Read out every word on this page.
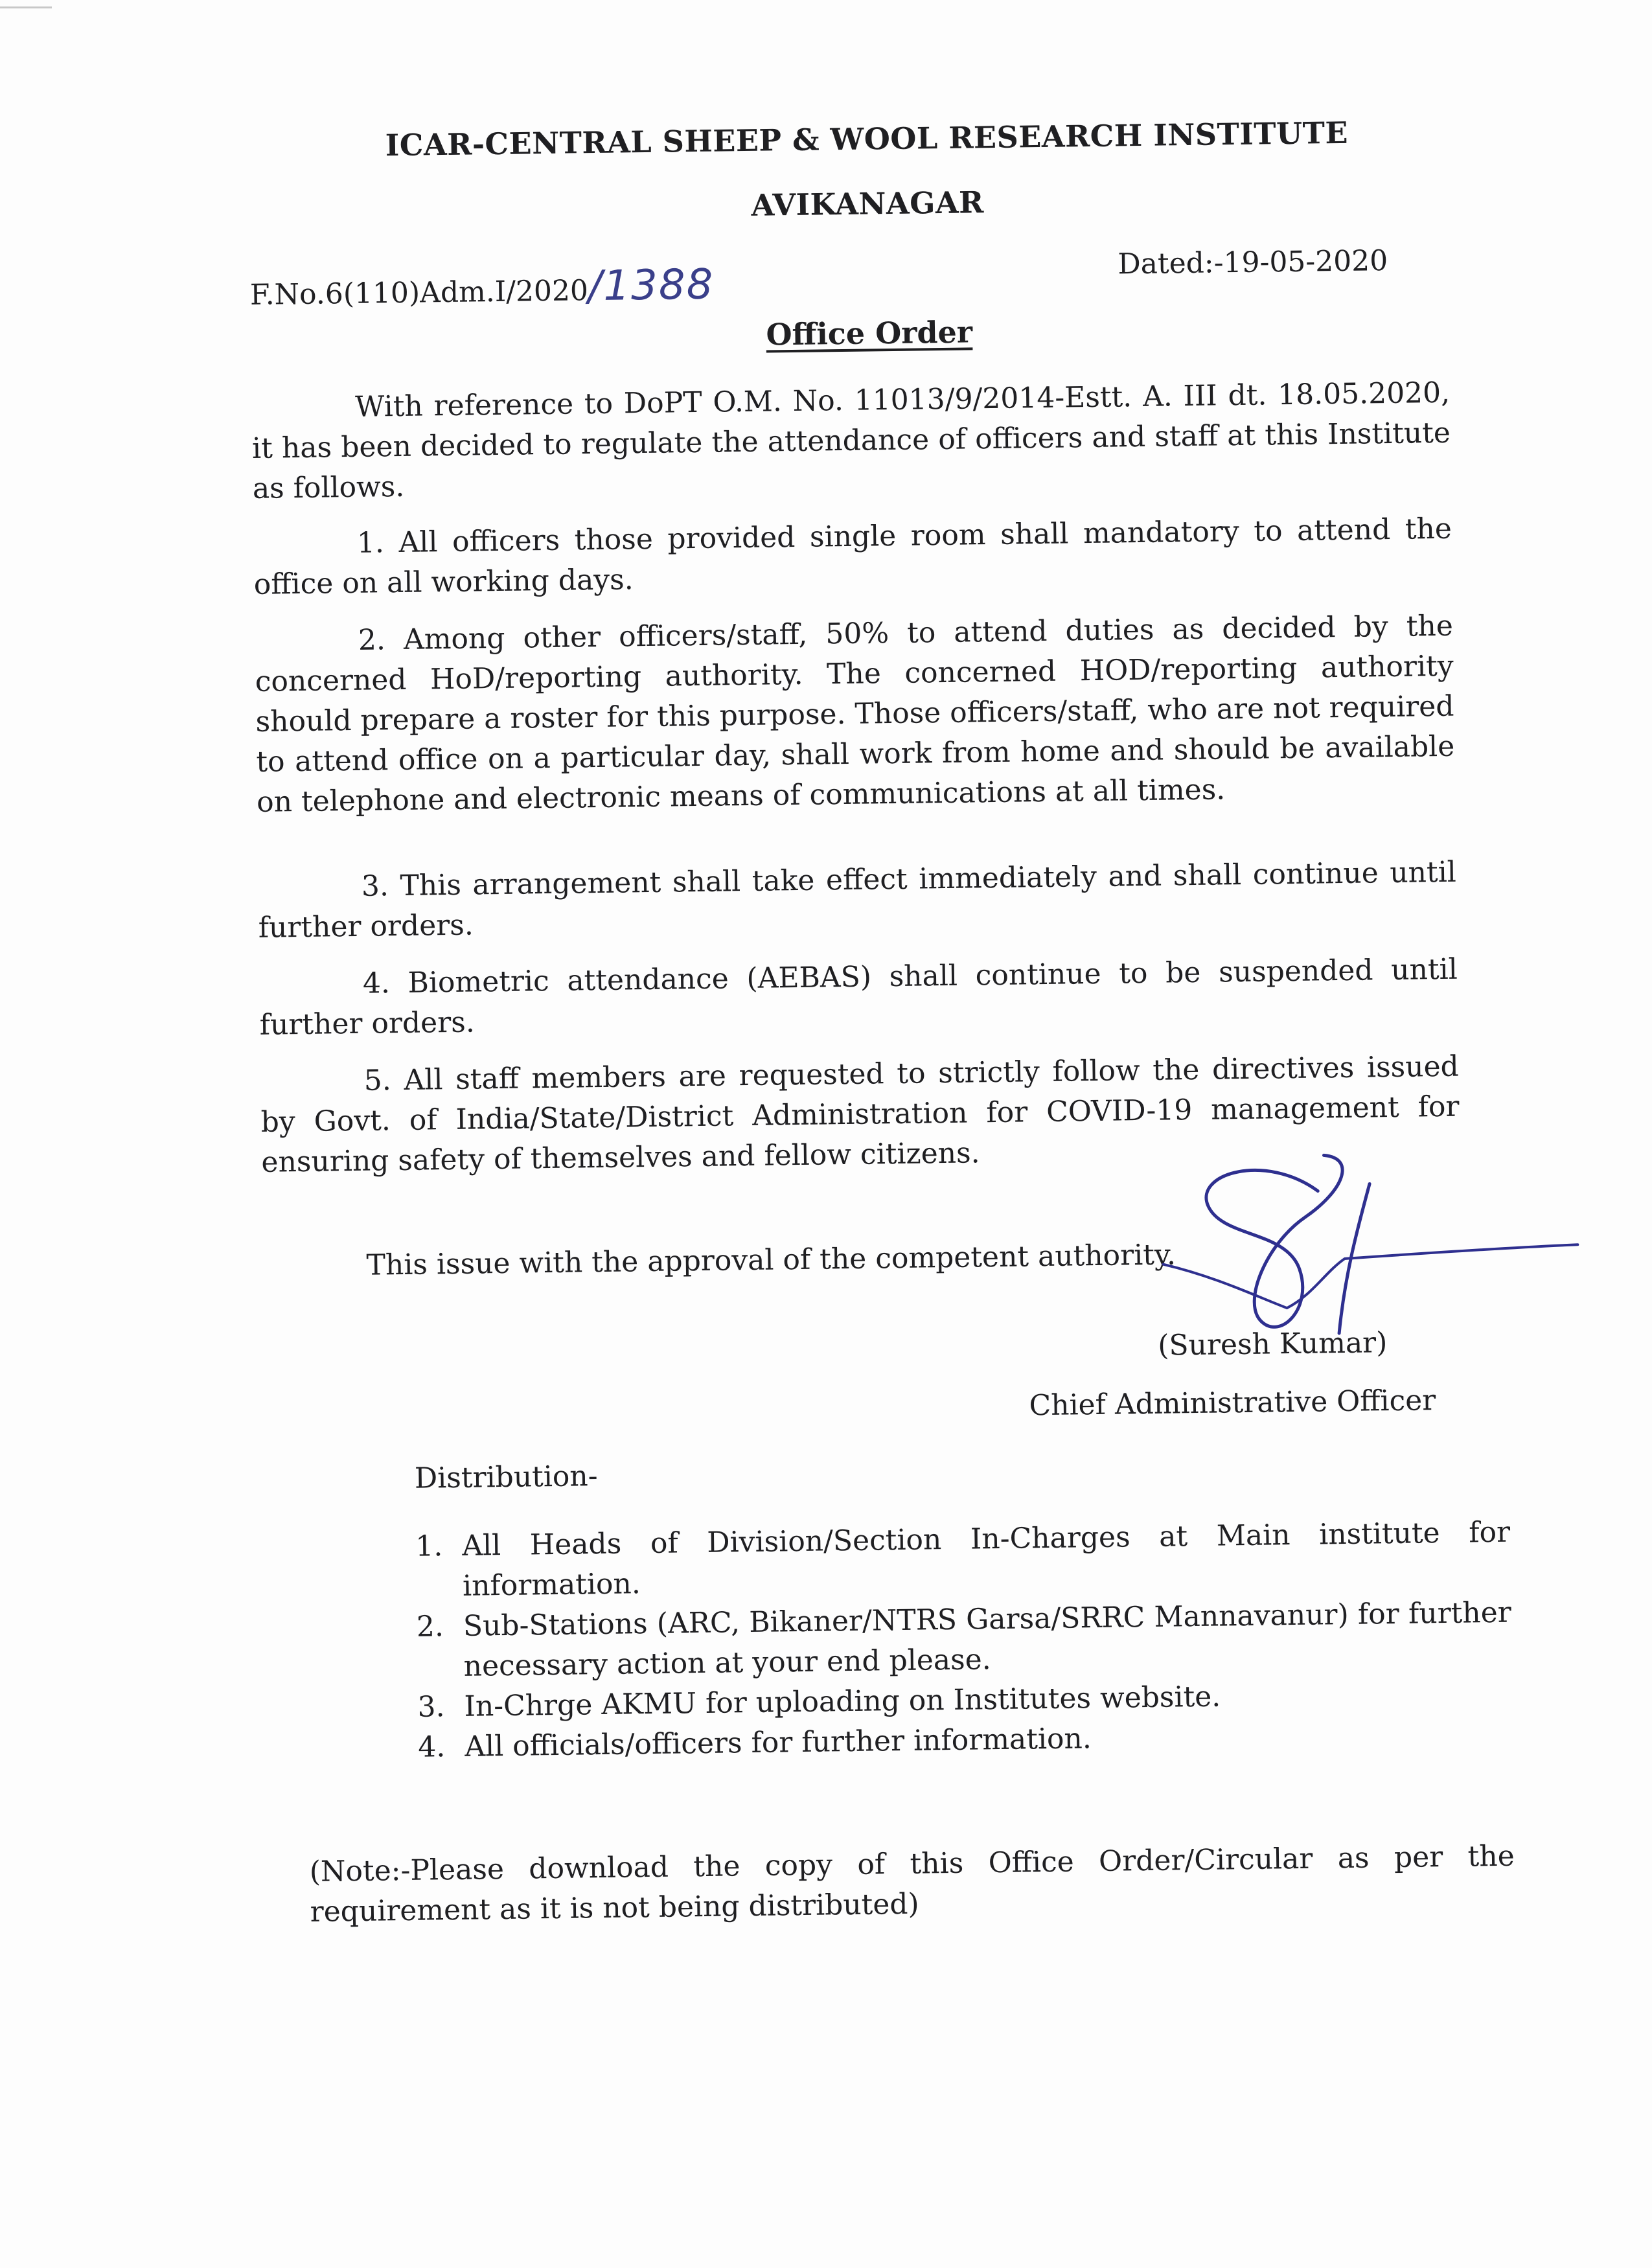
ICAR-CENTRAL SHEEP & WOOL RESEARCH INSTITUTE
AVIKANAGAR
F.No.6(110)Adm.I/2020/1388	Dated:-19-05-2020
Office Order
With reference to DoPT O.M. No. 11013/9/2014-Estt. A. III dt. 18.05.2020, it has been decided to regulate the attendance of officers and staff at this Institute as follows.
1. All officers those provided single room shall mandatory to attend the office on all working days.
2. Among other officers/staff, 50% to attend duties as decided by the concerned HoD/reporting authority. The concerned HOD/reporting authority should prepare a roster for this purpose. Those officers/staff, who are not required to attend office on a particular day, shall work from home and should be available on telephone and electronic means of communications at all times.
3. This arrangement shall take effect immediately and shall continue until further orders.
4. Biometric attendance (AEBAS) shall continue to be suspended until further orders.
5. All staff members are requested to strictly follow the directives issued by Govt. of India/State/District Administration for COVID-19 management for ensuring safety of themselves and fellow citizens.
This issue with the approval of the competent authority.
(Suresh Kumar)
Chief Administrative Officer
Distribution-
1. All Heads of Division/Section In-Charges at Main institute for information.
2. Sub-Stations (ARC, Bikaner/NTRS Garsa/SRRC Mannavanur) for further necessary action at your end please.
3. In-Chrge AKMU for uploading on Institutes website.
4. All officials/officers for further information.
(Note:-Please download the copy of this Office Order/Circular as per the requirement as it is not being distributed)
